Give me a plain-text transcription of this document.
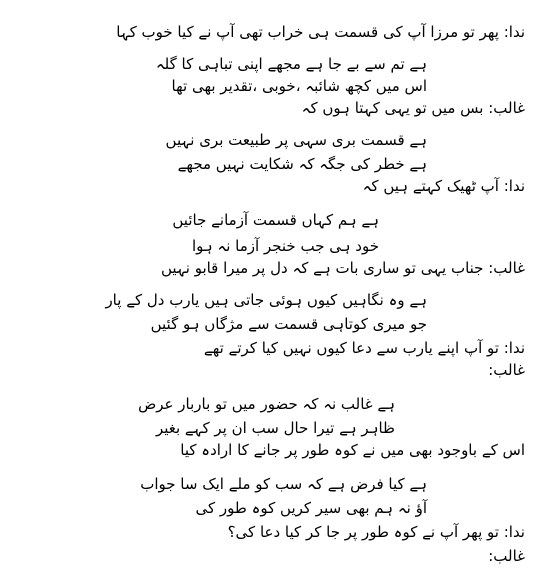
ندا: پھر تو مرزا آپ کی قسمت ہی خراب تھی آپ نے کیا خوب کہا
ہے تم سے بے جا ہے مجھے اپنی تباہی کا گلہ
اس میں کچھ شائبہ ،خوبی ،تقدیر بھی تھا
غالب: بس میں تو یہی کہتا ہوں کہ
ہے قسمت بری سہی پر طبیعت بری نہیں
ہے خطر کی جگہ کہ شکایت نہیں مجھے
ندا: آپ ٹھیک کہتے ہیں کہ
ہے ہم کہاں قسمت آزمانے جائیں
خود ہی جب خنجر آزما نہ ہوا
غالب: جناب یہی تو ساری بات ہے کہ دل پر میرا قابو نہیں
ہے وہ نگاہیں کیوں ہوئی جاتی ہیں یارب دل کے پار
جو میری کوتاہی قسمت سے مژگاں ہو گئیں
ندا: تو آپ اپنے یارب سے دعا کیوں نہیں کیا کرتے تھے
غالب:
ہے غالب نہ کہ حضور میں تو باربار عرض
ظاہر ہے تیرا حال سب ان پر کہے بغیر
اس کے باوجود بھی میں نے کوہ طور پر جانے کا ارادہ کیا
ہے کیا فرض ہے کہ سب کو ملے ایک سا جواب
آؤ نہ ہم بھی سیر کریں کوہ طور کی
ندا: تو پھر آپ نے کوہ طور پر جا کر کیا دعا کی؟
غالب:
